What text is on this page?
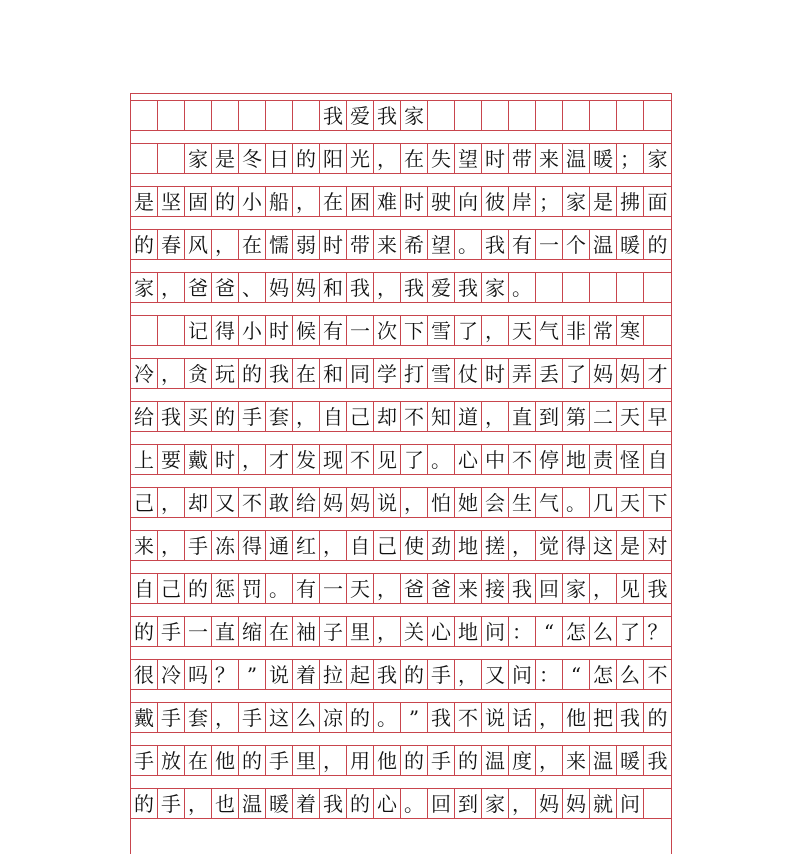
我 爱 我 家
家 是 冬 日 的 阳 光 ， 在 失 望 时 带 来 温 暖 ； 家
是 坚 固 的 小 船 ， 在 困 难 时 驶 向 彼 岸 ； 家 是 拂 面
的 春 风 ， 在 懦 弱 时 带 来 希 望 。 我 有 一 个 温 暖 的
家 ， 爸 爸 、 妈 妈 和 我 ， 我 爱 我 家 。
记 得 小 时 候 有 一 次 下 雪 了 ， 天 气 非 常 寒
冷 ， 贪 玩 的 我 在 和 同 学 打 雪 仗 时 弄 丢 了 妈 妈 才
给 我 买 的 手 套 ， 自 己 却 不 知 道 ， 直 到 第 二 天 早
上 要 戴 时 ， 才 发 现 不 见 了 。 心 中 不 停 地 责 怪 自
己 ， 却 又 不 敢 给 妈 妈 说 ， 怕 她 会 生 气 。 几 天 下
来 ， 手 冻 得 通 红 ， 自 己 使 劲 地 搓 ， 觉 得 这 是 对
自 己 的 惩 罚 。 有 一 天 ， 爸 爸 来 接 我 回 家 ， 见 我
的 手 一 直 缩 在 袖 子 里 ， 关 心 地 问 ： “ 怎 么 了 ？
很 冷 吗 ？ ” 说 着 拉 起 我 的 手 ， 又 问 ： “ 怎 么 不
戴 手 套 ， 手 这 么 凉 的 。 ” 我 不 说 话 ， 他 把 我 的
手 放 在 他 的 手 里 ， 用 他 的 手 的 温 度 ， 来 温 暖 我
的 手 ， 也 温 暖 着 我 的 心 。 回 到 家 ， 妈 妈 就 问
